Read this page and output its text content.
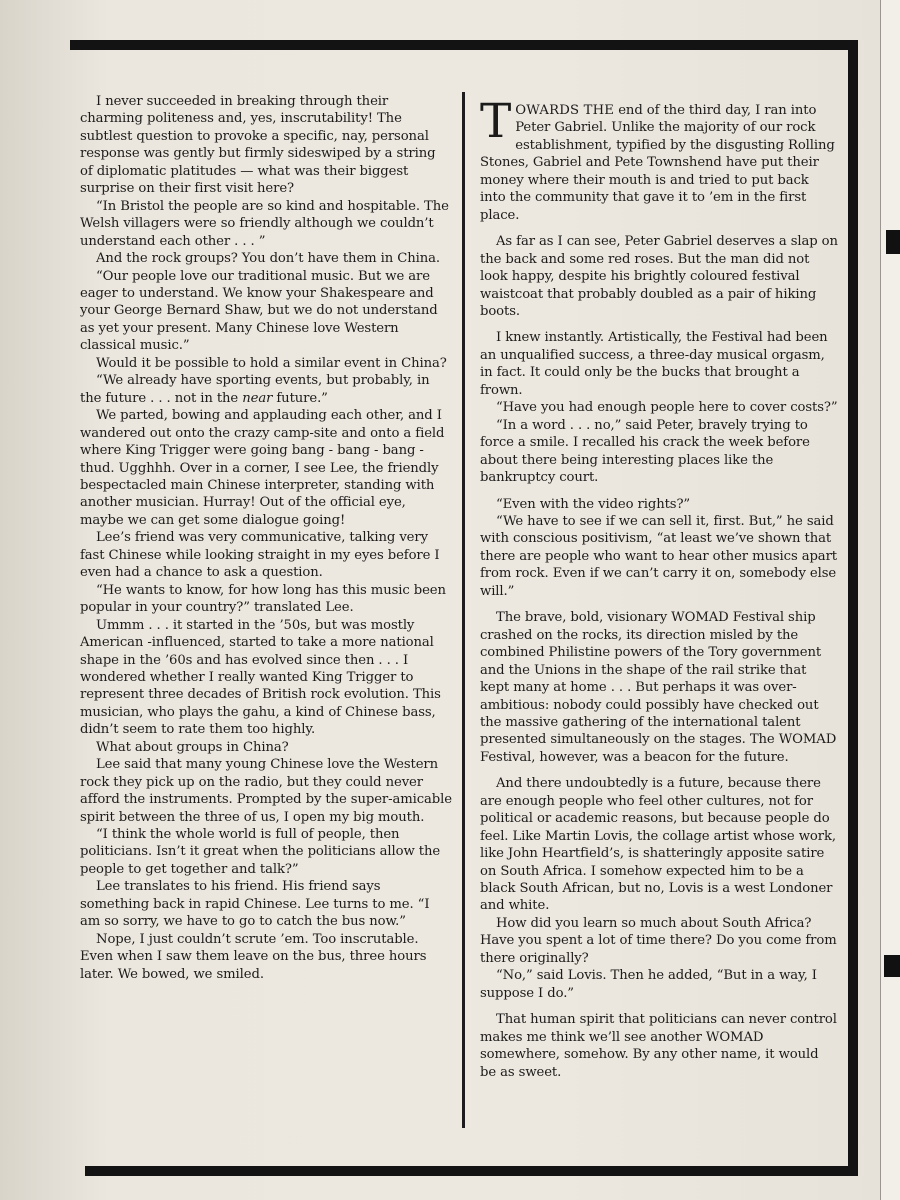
I never succeeded in breaking through their charming politeness and, yes, inscrutability! The subtlest question to provoke a specific, nay, personal response was gently but firmly sideswiped by a string of diplomatic platitudes — what was their biggest surprise on their first visit here?

“In Bristol the people are so kind and hospitable. The Welsh villagers were so friendly although we couldn’t understand each other . . . ”

And the rock groups? You don’t have them in China.

“Our people love our traditional music. But we are eager to understand. We know your Shakespeare and your George Bernard Shaw, but we do not understand as yet your present. Many Chinese love Western classical music.”

Would it be possible to hold a similar event in China?

“We already have sporting events, but probably, in the future . . . not in the near future.”

We parted, bowing and applauding each other, and I wandered out onto the crazy camp-site and onto a field where King Trigger were going bang - bang - bang - thud. Ugghhh. Over in a corner, I see Lee, the friendly bespectacled main Chinese interpreter, standing with another musician. Hurray! Out of the official eye, maybe we can get some dialogue going!

Lee’s friend was very communicative, talking very fast Chinese while looking straight in my eyes before I even had a chance to ask a question.

“He wants to know, for how long has this music been popular in your country?” translated Lee.

Ummm . . . it started in the ’50s, but was mostly American -influenced, started to take a more national shape in the ’60s and has evolved since then . . . I wondered whether I really wanted King Trigger to represent three decades of British rock evolution. This musician, who plays the gahu, a kind of Chinese bass, didn’t seem to rate them too highly.

What about groups in China?

Lee said that many young Chinese love the Western rock they pick up on the radio, but they could never afford the instruments. Prompted by the super-amicable spirit between the three of us, I open my big mouth.

“I think the whole world is full of people, then politicians. Isn’t it great when the politicians allow the people to get together and talk?”

Lee translates to his friend. His friend says something back in rapid Chinese. Lee turns to me. “I am so sorry, we have to go to catch the bus now.”

Nope, I just couldn’t scrute ’em. Too inscrutable. Even when I saw them leave on the bus, three hours later. We bowed, we smiled.

TOWARDS THE end of the third day, I ran into Peter Gabriel. Unlike the majority of our rock establishment, typified by the disgusting Rolling Stones, Gabriel and Pete Townshend have put their money where their mouth is and tried to put back into the community that gave it to ’em in the first place.

As far as I can see, Peter Gabriel deserves a slap on the back and some red roses. But the man did not look happy, despite his brightly coloured festival waistcoat that probably doubled as a pair of hiking boots.

I knew instantly. Artistically, the Festival had been an unqualified success, a three-day musical orgasm, in fact. It could only be the bucks that brought a frown.

“Have you had enough people here to cover costs?”

“In a word . . . no,” said Peter, bravely trying to force a smile. I recalled his crack the week before about there being interesting places like the bankruptcy court.

“Even with the video rights?”

“We have to see if we can sell it, first. But,” he said with conscious positivism, “at least we’ve shown that there are people who want to hear other musics apart from rock. Even if we can’t carry it on, somebody else will.”

The brave, bold, visionary WOMAD Festival ship crashed on the rocks, its direction misled by the combined Philistine powers of the Tory government and the Unions in the shape of the rail strike that kept many at home . . . But perhaps it was over-ambitious: nobody could possibly have checked out the massive gathering of the international talent presented simultaneously on the stages. The WOMAD Festival, however, was a beacon for the future.

And there undoubtedly is a future, because there are enough people who feel other cultures, not for political or academic reasons, but because people do feel. Like Martin Lovis, the collage artist whose work, like John Heartfield’s, is shatteringly apposite satire on South Africa. I somehow expected him to be a black South African, but no, Lovis is a west Londoner and white.

How did you learn so much about South Africa? Have you spent a lot of time there? Do you come from there originally?

“No,” said Lovis. Then he added, “But in a way, I suppose I do.”

That human spirit that politicians can never control makes me think we’ll see another WOMAD somewhere, somehow. By any other name, it would be as sweet.
